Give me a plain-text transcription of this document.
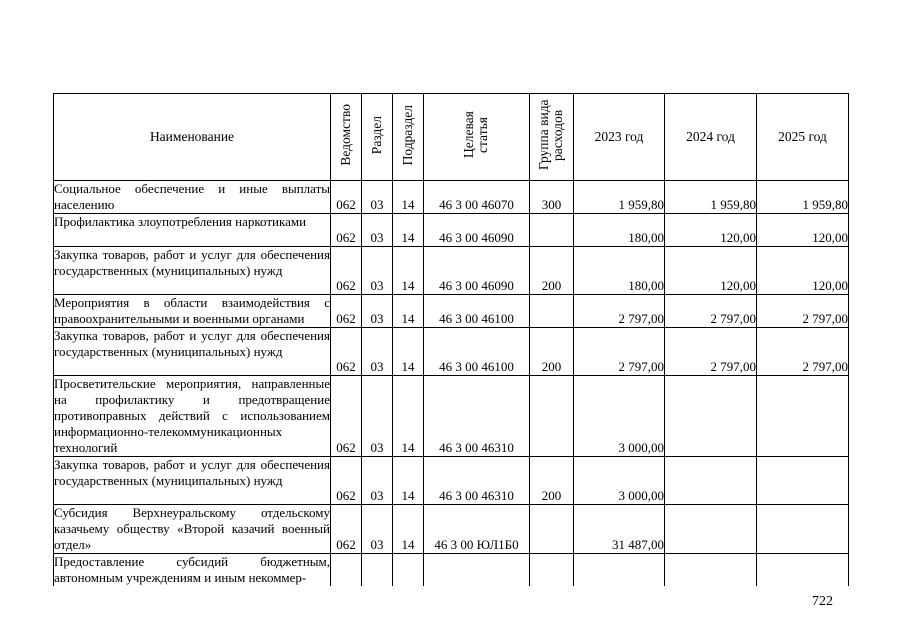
Наименование	Ведомство	Раздел	Подраздел	Целевая статья	Группа вида расходов	2023 год	2024 год	2025 год
Социальное обеспечение и иные выплаты населению	062	03	14	46 3 00 46070	300	1 959,80	1 959,80	1 959,80
Профилактика злоупотребления наркотиками	062	03	14	46 3 00 46090		180,00	120,00	120,00
Закупка товаров, работ и услуг для обеспечения государственных (муниципальных) нужд	062	03	14	46 3 00 46090	200	180,00	120,00	120,00
Мероприятия в области взаимодействия с правоохранительными и военными органами	062	03	14	46 3 00 46100		2 797,00	2 797,00	2 797,00
Закупка товаров, работ и услуг для обеспечения государственных (муниципальных) нужд	062	03	14	46 3 00 46100	200	2 797,00	2 797,00	2 797,00
Просветительские мероприятия, направленные на профилактику и предотвращение противоправных действий с использованием информационно-телекоммуникационных технологий	062	03	14	46 3 00 46310		3 000,00		
Закупка товаров, работ и услуг для обеспечения государственных (муниципальных) нужд	062	03	14	46 3 00 46310	200	3 000,00		
Субсидия Верхнеуральскому отдельскому казачьему обществу «Второй казачий военный отдел»	062	03	14	46 3 00 ЮЛ1Б0		31 487,00		
Предоставление субсидий бюджетным, автономным учреждениям и иным некоммер-								
722
